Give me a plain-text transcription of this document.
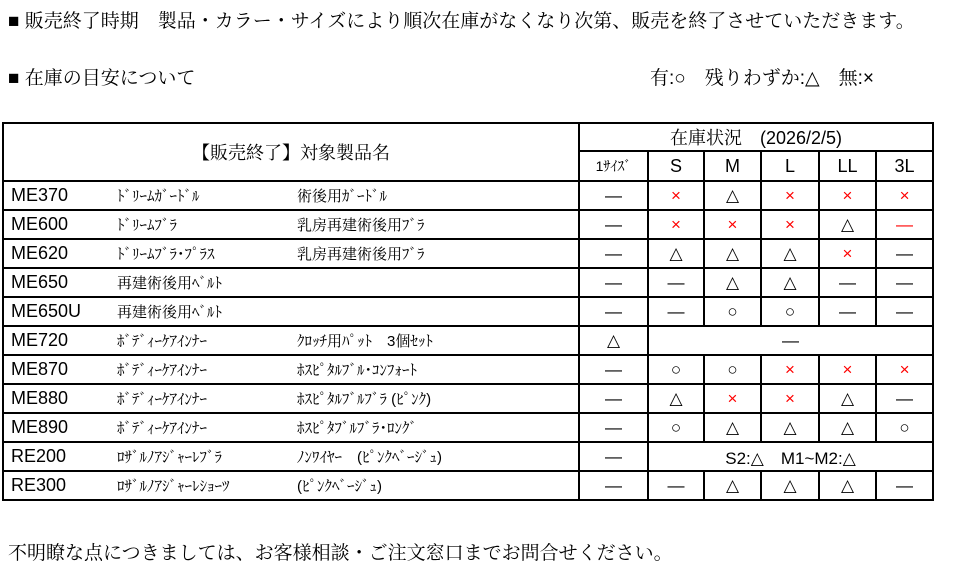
■ 販売終了時期　製品・カラー・サイズにより順次在庫がなくなり次第、販売を終了させていただきます。
■ 在庫の目安について	有:○　残りわずか:△　無:×
【販売終了】対象製品名	在庫状況　(2026/2/5)					
	1ｻｲｽﾞ	S	M	L	LL	3L
ME370 ﾄﾞﾘｰﾑｶﾞｰﾄﾞﾙ 術後用ｶﾞｰﾄﾞﾙ	—	×	△	×	×	×
ME600 ﾄﾞﾘｰﾑﾌﾞﾗ 乳房再建術後用ﾌﾞﾗ	—	×	×	×	△	—
ME620 ﾄﾞﾘｰﾑﾌﾞﾗ･ﾌﾟﾗｽ 乳房再建術後用ﾌﾞﾗ	—	△	△	△	×	—
ME650 再建術後用ﾍﾞﾙﾄ	—	—	△	△	—	—
ME650U 再建術後用ﾍﾞﾙﾄ	—	—	○	○	—	—
ME720 ﾎﾞﾃﾞｨｰｹｱｲﾝﾅｰ ｸﾛｯﾁ用ﾊﾟｯﾄ　3個ｾｯﾄ	△	—				
ME870 ﾎﾞﾃﾞｨｰｹｱｲﾝﾅｰ ﾎｽﾋﾟﾀﾙﾌﾞﾙ･ｺﾝﾌｫｰﾄ	—	○	○	×	×	×
ME880 ﾎﾞﾃﾞｨｰｹｱｲﾝﾅｰ ﾎｽﾋﾟﾀﾙﾌﾞﾙﾌﾞﾗ (ﾋﾟﾝｸ)	—	△	×	×	△	—
ME890 ﾎﾞﾃﾞｨｰｹｱｲﾝﾅｰ ﾎｽﾋﾟﾀﾌﾞﾙﾌﾞﾗ･ﾛﾝｸﾞ	—	○	△	△	△	○
RE200 ﾛｻﾞﾙﾉｱｼﾞｬｰﾚﾌﾞﾗ ﾉﾝﾜｲﾔｰ　(ﾋﾟﾝｸﾍﾞｰｼﾞｭ)	—	S2:△　M1~M2:△				
RE300 ﾛｻﾞﾙﾉｱｼﾞｬｰﾚｼｮｰﾂ (ﾋﾟﾝｸﾍﾞｰｼﾞｭ)	—	—	△	△	△	—
不明瞭な点につきましては、お客様相談・ご注文窓口までお問合せください。
